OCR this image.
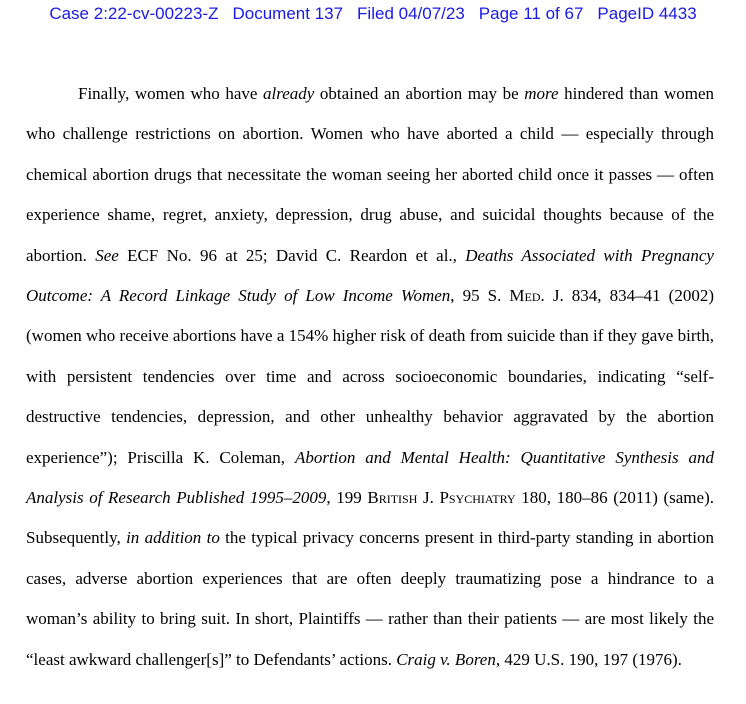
Case 2:22-cv-00223-Z Document 137 Filed 04/07/23 Page 11 of 67 PageID 4433

Finally, women who have already obtained an abortion may be more hindered than women who challenge restrictions on abortion. Women who have aborted a child — especially through chemical abortion drugs that necessitate the woman seeing her aborted child once it passes — often experience shame, regret, anxiety, depression, drug abuse, and suicidal thoughts because of the abortion. See ECF No. 96 at 25; David C. Reardon et al., Deaths Associated with Pregnancy Outcome: A Record Linkage Study of Low Income Women, 95 S. Med. J. 834, 834–41 (2002) (women who receive abortions have a 154% higher risk of death from suicide than if they gave birth, with persistent tendencies over time and across socioeconomic boundaries, indicating “self-destructive tendencies, depression, and other unhealthy behavior aggravated by the abortion experience”); Priscilla K. Coleman, Abortion and Mental Health: Quantitative Synthesis and Analysis of Research Published 1995–2009, 199 British J. Psychiatry 180, 180–86 (2011) (same). Subsequently, in addition to the typical privacy concerns present in third-party standing in abortion cases, adverse abortion experiences that are often deeply traumatizing pose a hindrance to a woman’s ability to bring suit. In short, Plaintiffs — rather than their patients — are most likely the “least awkward challenger[s]” to Defendants’ actions. Craig v. Boren, 429 U.S. 190, 197 (1976).
